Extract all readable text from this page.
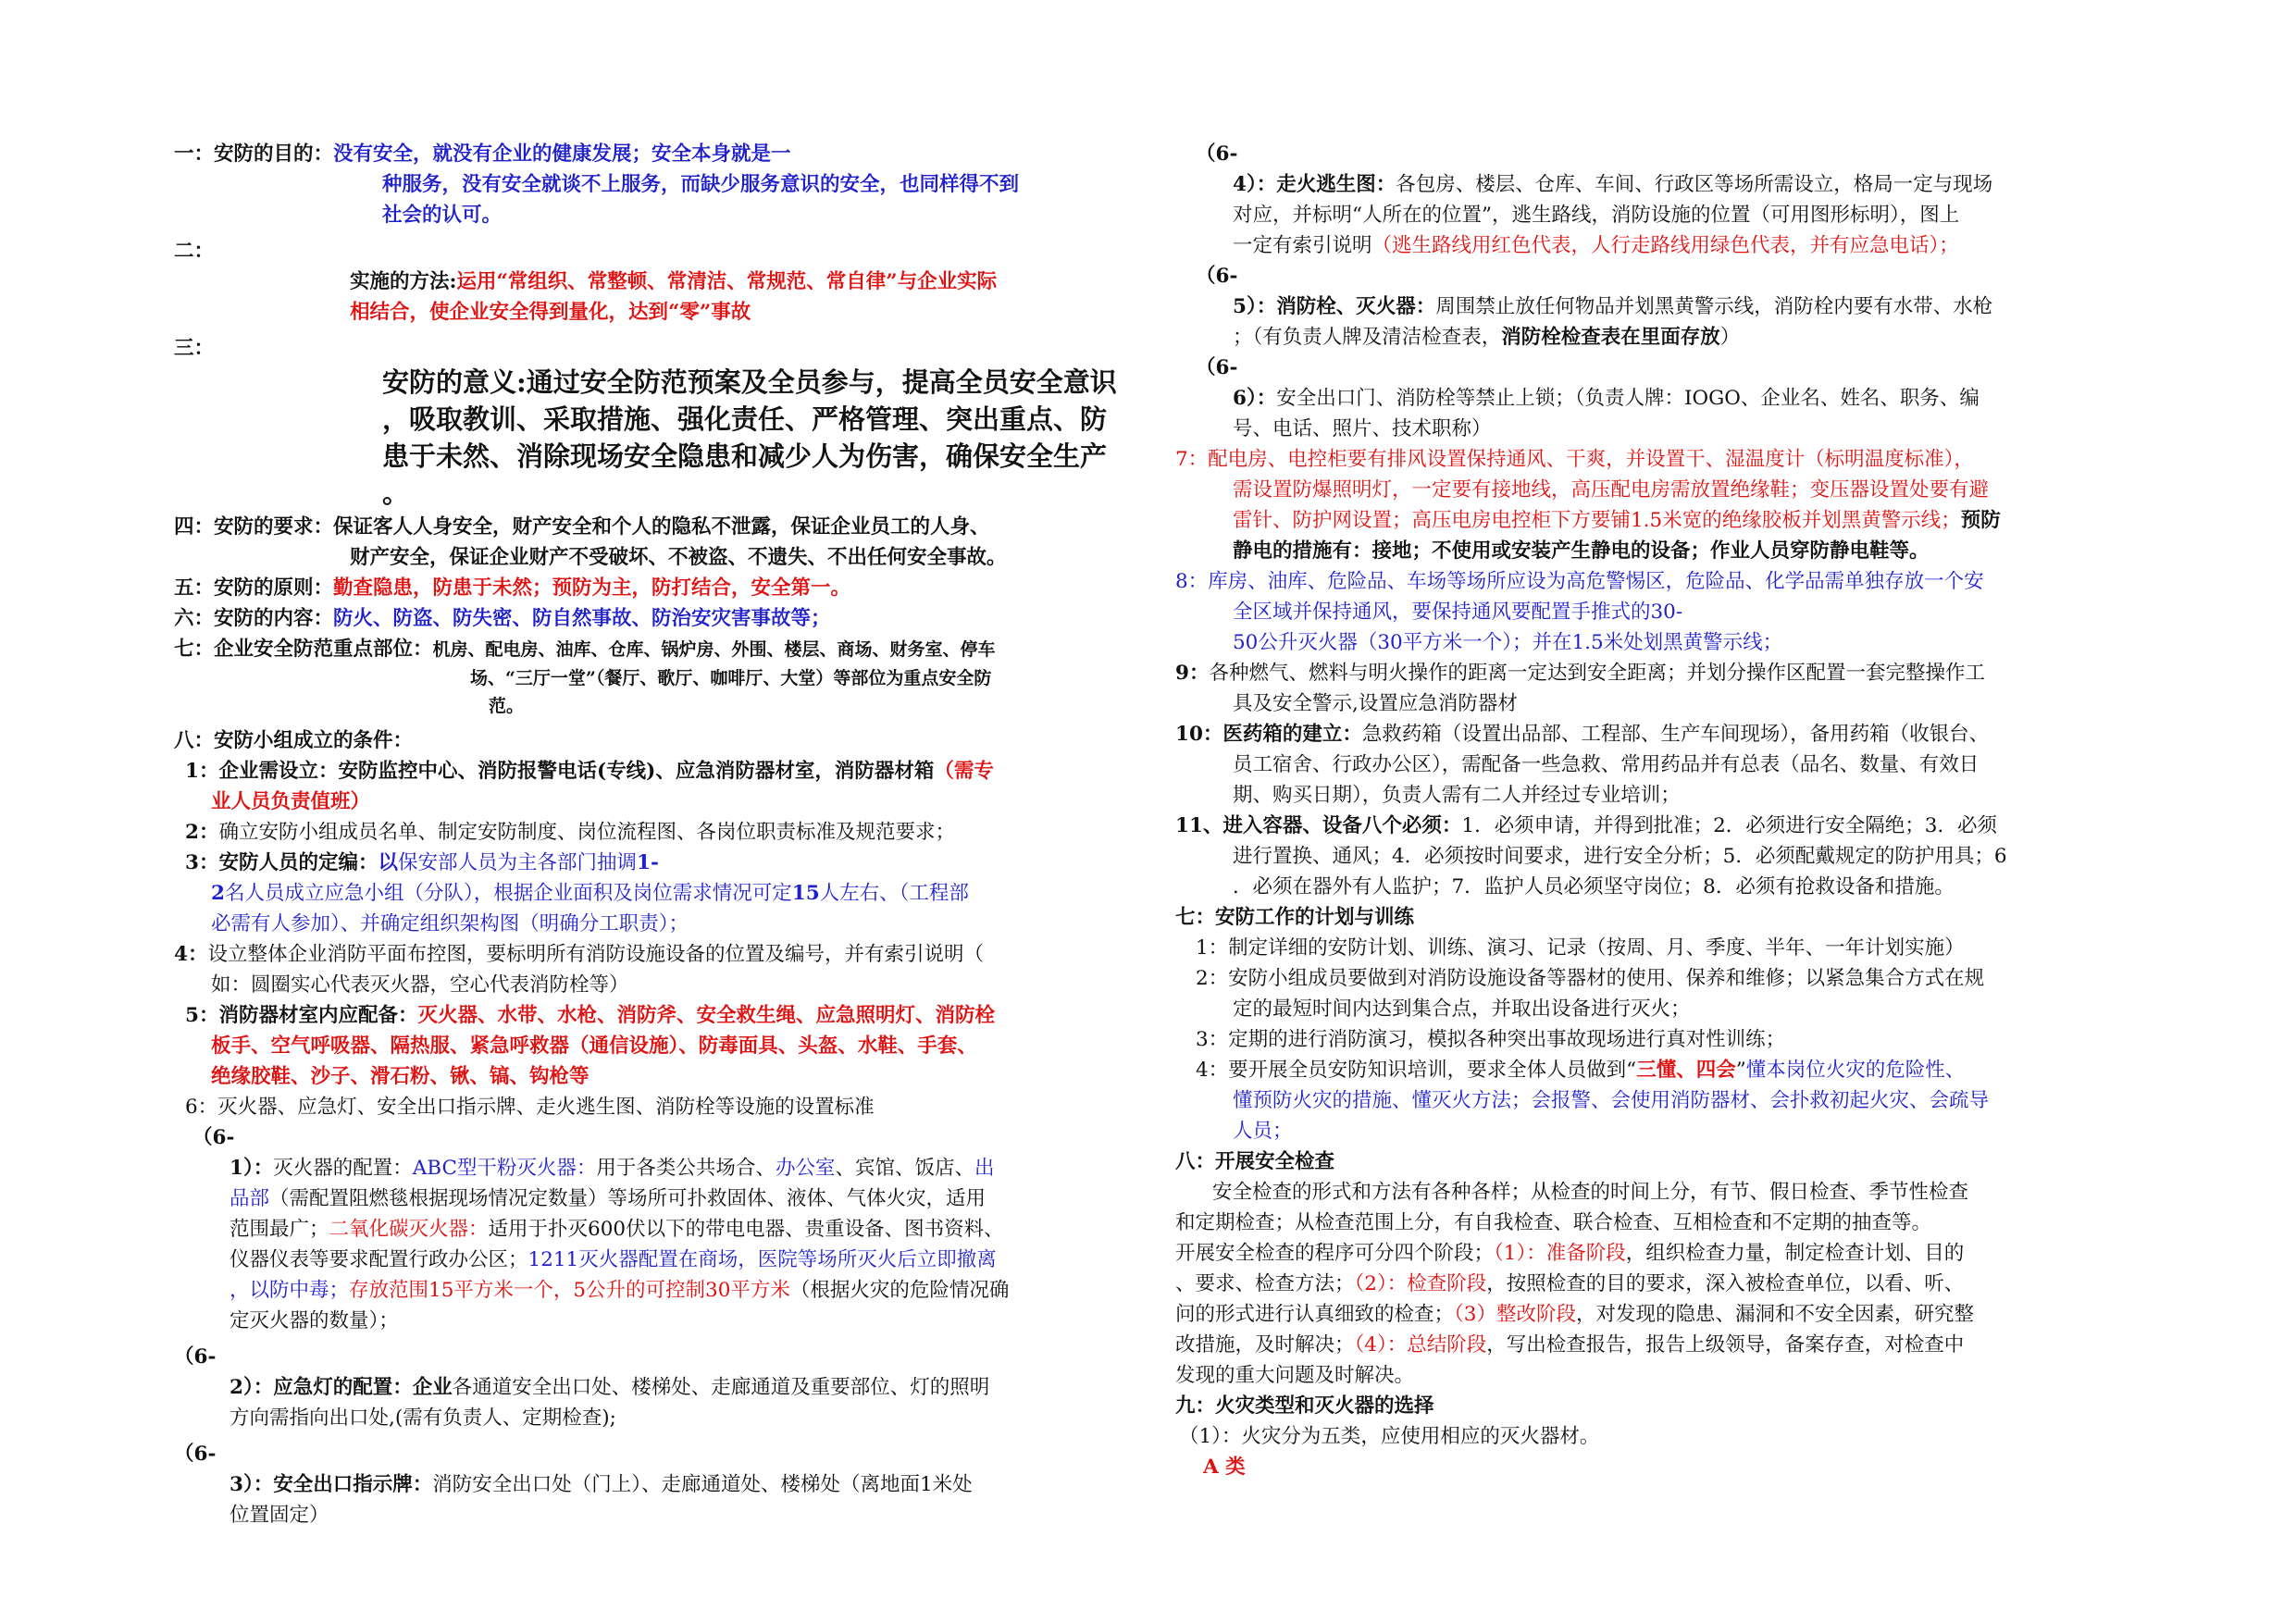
一：安防的目的：没有安全，就没有企业的健康发展；安全本身就是一
种服务，没有安全就谈不上服务，而缺少服务意识的安全，也同样得不到
社会的认可。
二：
实施的方法:运用“常组织、常整顿、常清洁、常规范、常自律”与企业实际
相结合，使企业安全得到量化，达到“零”事故
三：
安防的意义:通过安全防范预案及全员参与，提高全员安全意识
，吸取教训、采取措施、强化责任、严格管理、突出重点、防
患于未然、消除现场安全隐患和减少人为伤害，确保安全生产
。
四：安防的要求：保证客人人身安全，财产安全和个人的隐私不泄露，保证企业员工的人身、
财产安全，保证企业财产不受破坏、不被盗、不遗失、不出任何安全事故。
五：安防的原则：勤查隐患，防患于未然；预防为主，防打结合，安全第一。
六：安防的内容：防火、防盗、防失密、防自然事故、防治安灾害事故等；
七：企业安全防范重点部位：机房、配电房、油库、仓库、锅炉房、外围、楼层、商场、财务室、停车
场、“三厅一堂”（餐厅、歌厅、咖啡厅、大堂）等部位为重点安全防
范。
八：安防小组成立的条件：
1：企业需设立：安防监控中心、消防报警电话(专线)、应急消防器材室，消防器材箱（需专
业人员负责值班）
2：确立安防小组成员名单、制定安防制度、岗位流程图、各岗位职责标准及规范要求；
3：安防人员的定编：以保安部人员为主各部门抽调1-
2名人员成立应急小组（分队），根据企业面积及岗位需求情况可定15人左右、（工程部
必需有人参加）、并确定组织架构图（明确分工职责）；
4：设立整体企业消防平面布控图，要标明所有消防设施设备的位置及编号，并有索引说明（
如：圆圈实心代表灭火器，空心代表消防栓等）
5：消防器材室内应配备：灭火器、水带、水枪、消防斧、安全救生绳、应急照明灯、消防栓
板手、空气呼吸器、隔热服、紧急呼救器（通信设施）、防毒面具、头盔、水鞋、手套、
绝缘胶鞋、沙子、滑石粉、锹、镐、钩枪等
6：灭火器、应急灯、安全出口指示牌、走火逃生图、消防栓等设施的设置标准
（6-
1）：灭火器的配置：ABC型干粉灭火器：用于各类公共场合、办公室、宾馆、饭店、出
品部（需配置阻燃毯根据现场情况定数量）等场所可扑救固体、液体、气体火灾，适用
范围最广；二氧化碳灭火器：适用于扑灭600伏以下的带电电器、贵重设备、图书资料、
仪器仪表等要求配置行政办公区；1211灭火器配置在商场，医院等场所灭火后立即撤离
，以防中毒；存放范围15平方米一个，5公升的可控制30平方米（根据火灾的危险情况确
定灭火器的数量）；
（6-
2）：应急灯的配置：企业各通道安全出口处、楼梯处、走廊通道及重要部位、灯的照明
方向需指向出口处,(需有负责人、定期检查);
（6-
3）：安全出口指示牌：消防安全出口处（门上）、走廊通道处、楼梯处（离地面1米处
位置固定）
（6-
4）：走火逃生图：各包房、楼层、仓库、车间、行政区等场所需设立，格局一定与现场
对应，并标明“人所在的位置”，逃生路线，消防设施的位置（可用图形标明），图上
一定有索引说明（逃生路线用红色代表，人行走路线用绿色代表，并有应急电话）；
（6-
5）：消防栓、灭火器：周围禁止放任何物品并划黑黄警示线，消防栓内要有水带、水枪
；（有负责人牌及清洁检查表，消防栓检查表在里面存放）
（6-
6）：安全出口门、消防栓等禁止上锁；（负责人牌：IOGO、企业名、姓名、职务、编
号、电话、照片、技术职称）
7：配电房、电控柜要有排风设置保持通风、干爽，并设置干、湿温度计（标明温度标准），
需设置防爆照明灯，一定要有接地线，高压配电房需放置绝缘鞋；变压器设置处要有避
雷针、防护网设置；高压电房电控柜下方要铺1.5米宽的绝缘胶板并划黑黄警示线；预防
静电的措施有：接地；不使用或安装产生静电的设备；作业人员穿防静电鞋等。
8：库房、油库、危险品、车场等场所应设为高危警惕区，危险品、化学品需单独存放一个安
全区域并保持通风，要保持通风要配置手推式的30-
50公升灭火器（30平方米一个）；并在1.5米处划黑黄警示线；
9：各种燃气、燃料与明火操作的距离一定达到安全距离；并划分操作区配置一套完整操作工
具及安全警示,设置应急消防器材
10：医药箱的建立：急救药箱（设置出品部、工程部、生产车间现场），备用药箱（收银台、
员工宿舍、行政办公区），需配备一些急救、常用药品并有总表（品名、数量、有效日
期、购买日期），负责人需有二人并经过专业培训；
11、进入容器、设备八个必须：1．必须申请，并得到批准；2．必须进行安全隔绝；3．必须
进行置换、通风；4．必须按时间要求，进行安全分析；5．必须配戴规定的防护用具；6
．必须在器外有人监护；7．监护人员必须坚守岗位；8．必须有抢救设备和措施。
七：安防工作的计划与训练
1：制定详细的安防计划、训练、演习、记录（按周、月、季度、半年、一年计划实施）
2：安防小组成员要做到对消防设施设备等器材的使用、保养和维修；以紧急集合方式在规
定的最短时间内达到集合点，并取出设备进行灭火；
3：定期的进行消防演习，模拟各种突出事故现场进行真对性训练；
4：要开展全员安防知识培训，要求全体人员做到“三懂、四会”懂本岗位火灾的危险性、
懂预防火灾的措施、懂灭火方法；会报警、会使用消防器材、会扑救初起火灾、会疏导
人员；
八：开展安全检查
安全检查的形式和方法有各种各样；从检查的时间上分，有节、假日检查、季节性检查
和定期检查；从检查范围上分，有自我检查、联合检查、互相检查和不定期的抽查等。
开展安全检查的程序可分四个阶段；（1）：准备阶段，组织检查力量，制定检查计划、目的
、要求、检查方法；（2）：检查阶段，按照检查的目的要求，深入被检查单位，以看、听、
问的形式进行认真细致的检查；（3）整改阶段，对发现的隐患、漏洞和不安全因素，研究整
改措施，及时解决；（4）：总结阶段，写出检查报告，报告上级领导，备案存查，对检查中
发现的重大问题及时解决。
九：火灾类型和灭火器的选择
（1）：火灾分为五类，应使用相应的灭火器材。
A 类
